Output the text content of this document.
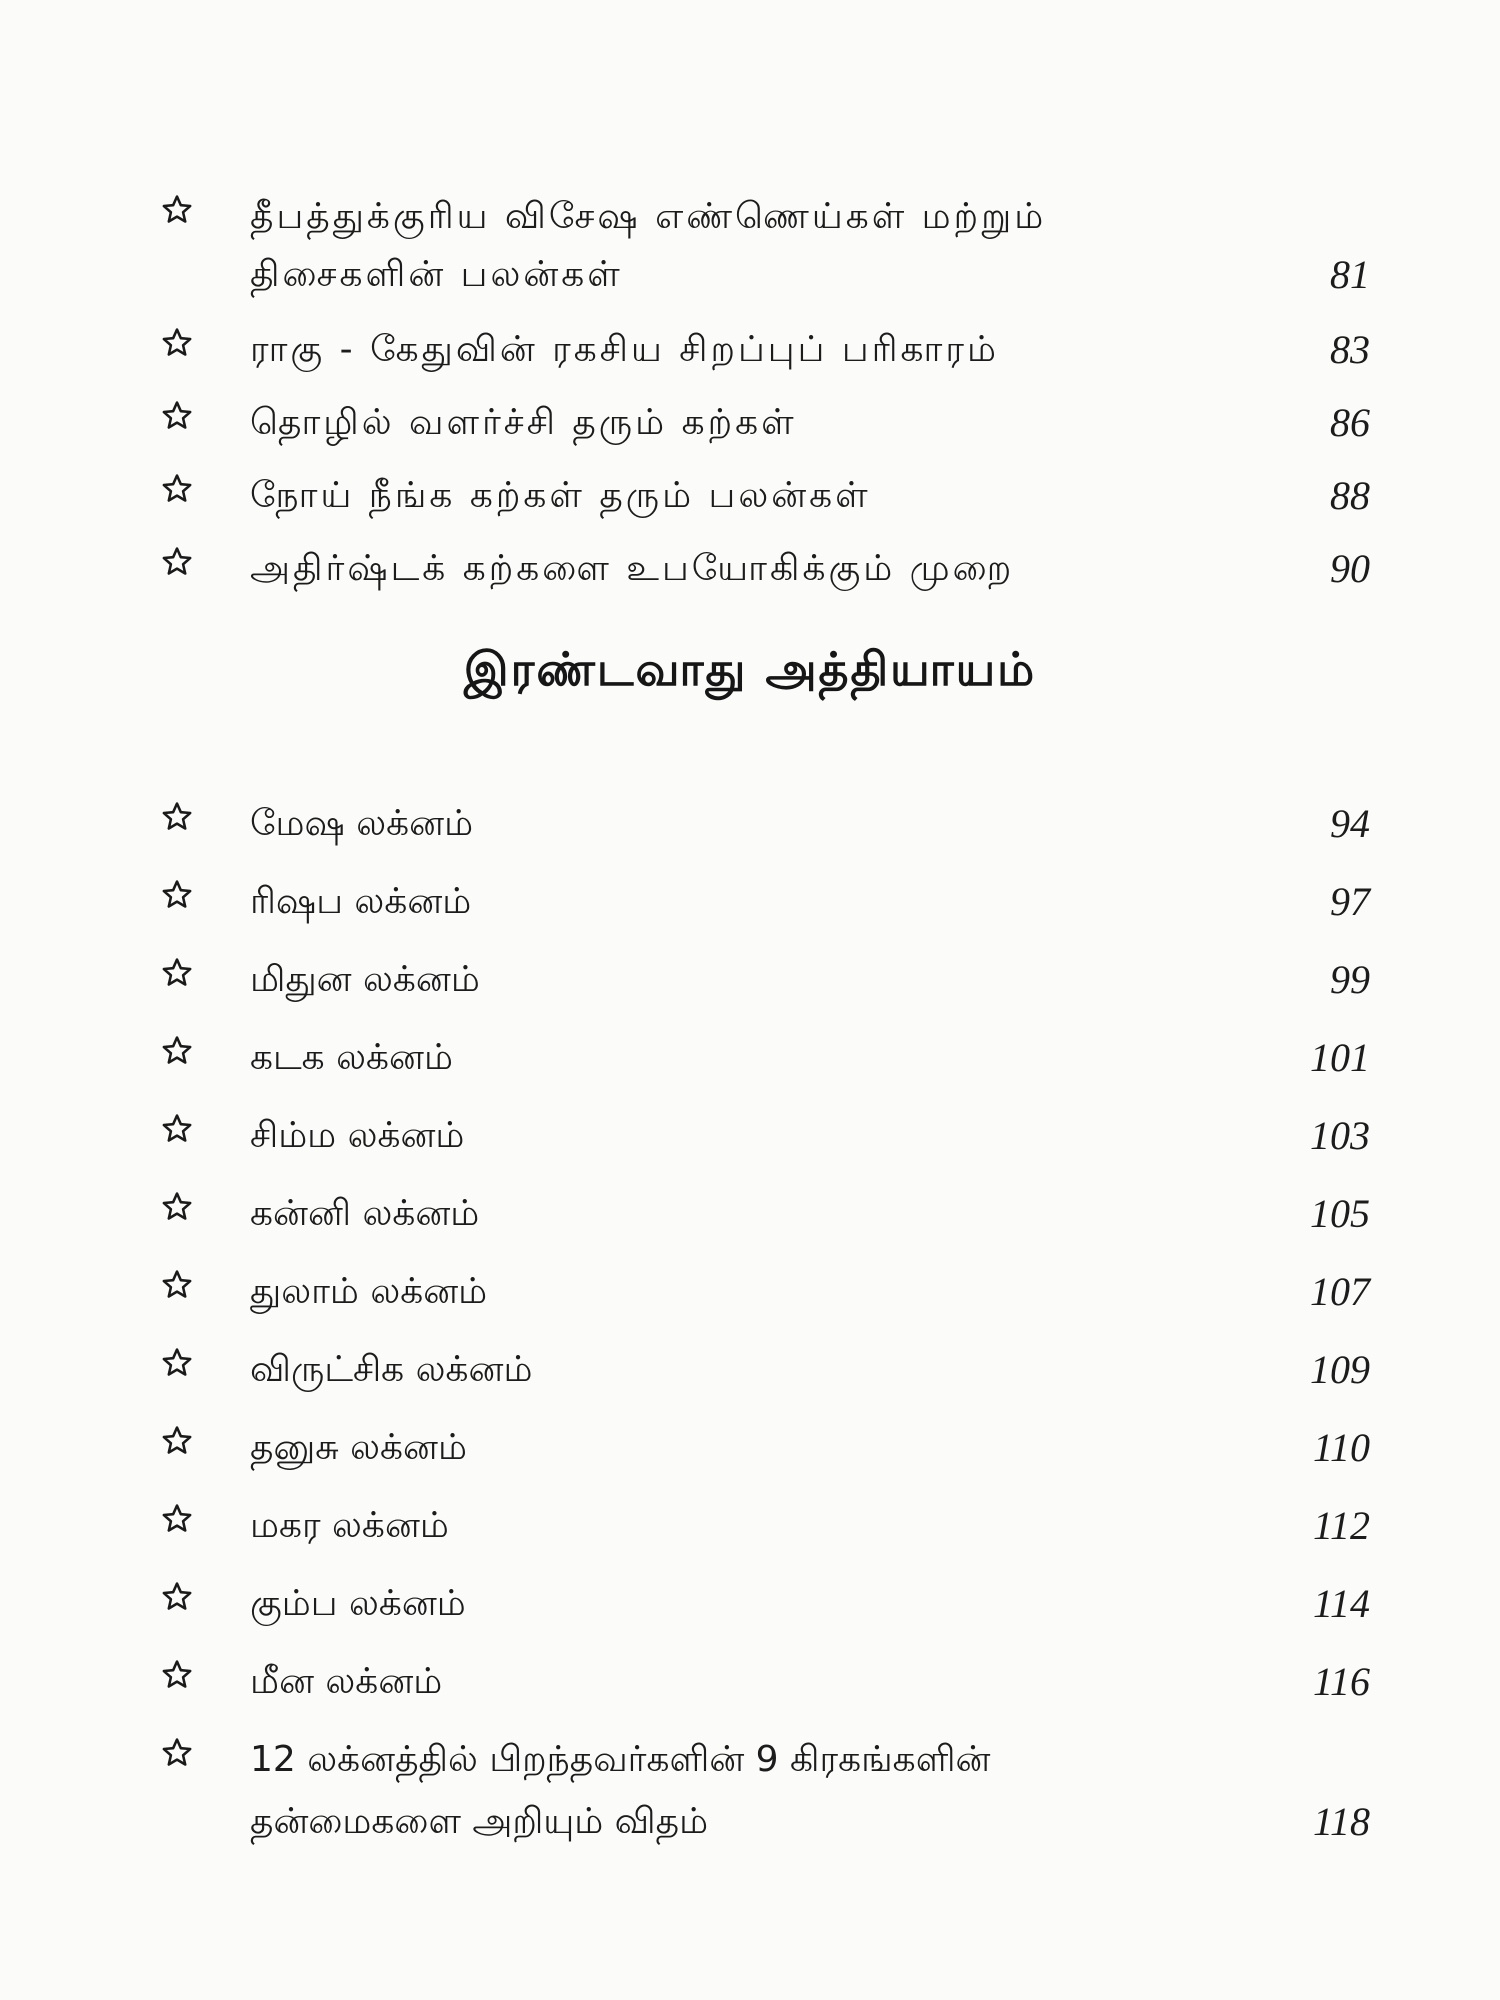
தீபத்துக்குரிய விசேஷ எண்ணெய்கள் மற்றும்
திசைகளின் பலன்கள்	81
ராகு - கேதுவின் ரகசிய சிறப்புப் பரிகாரம்	83
தொழில் வளர்ச்சி தரும் கற்கள்	86
நோய் நீங்க கற்கள் தரும் பலன்கள்	88
அதிர்ஷ்டக் கற்களை உபயோகிக்கும் முறை	90
இரண்டவாது அத்தியாயம்
மேஷ லக்னம்	94
ரிஷப லக்னம்	97
மிதுன லக்னம்	99
கடக லக்னம்	101
சிம்ம லக்னம்	103
கன்னி லக்னம்	105
துலாம் லக்னம்	107
விருட்சிக லக்னம்	109
தனுசு லக்னம்	110
மகர லக்னம்	112
கும்ப லக்னம்	114
மீன லக்னம்	116
12 லக்னத்தில் பிறந்தவர்களின் 9 கிரகங்களின்
தன்மைகளை அறியும் விதம்	118
